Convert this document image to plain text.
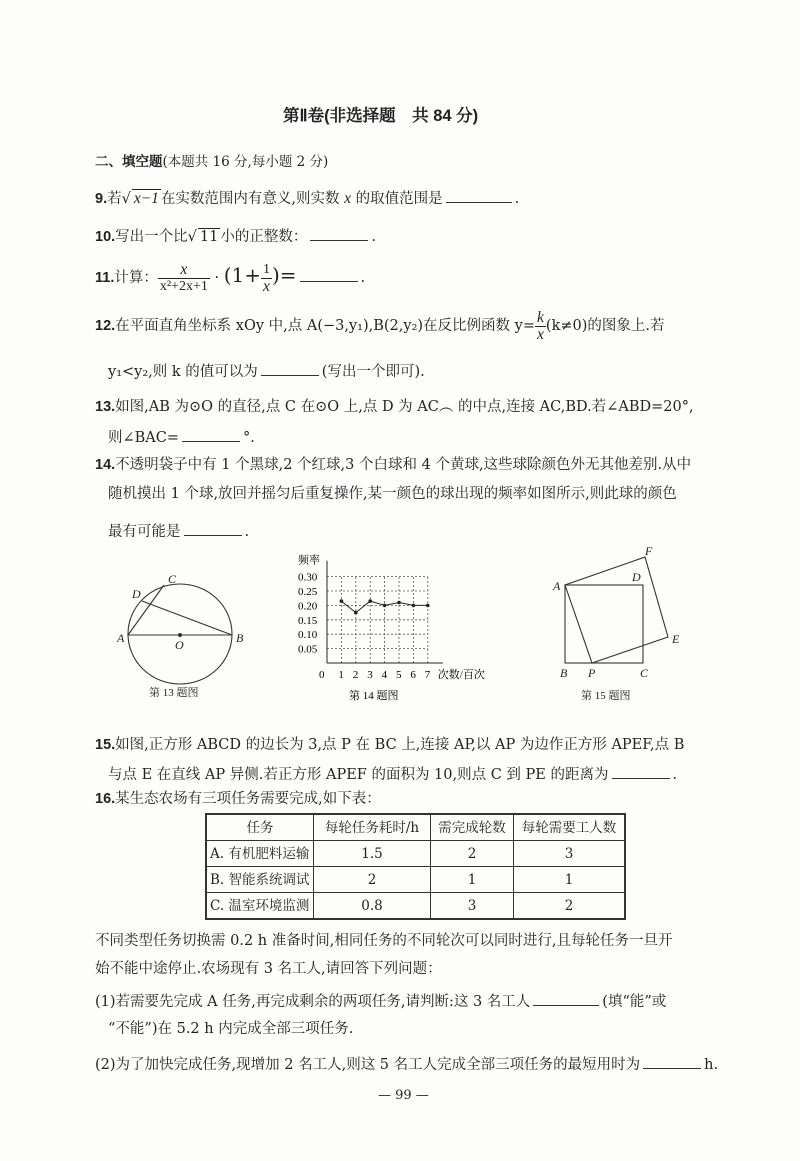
第Ⅱ卷(非选择题　共 84 分)
二、填空题(本题共 16 分,每小题 2 分)
9.若√ x−1 在实数范围内有意义,则实数 x 的取值范围是	.
10.写出一个比√ 11 小的正整数：	.
11.计算： $\frac{x}{\text{x²+2x+1}} \cdot (1+ \frac{1}{x}$ )=	.
12.在平面直角坐标系 xOy 中,点 A(−3,y₁),B(2,y₂)在反比例函数 $y= \frac{k}{x} (k\ne 0)$的图象上.若
y₁<y₂,则 k 的值可以为	(写出一个即可).
13.如图,AB 为⊙O 的直径,点 C 在⊙O 上,点 D 为 AC︵ 的中点,连接 AC,BD.若∠ABD=20°,
则∠BAC=	°.
14.不透明袋子中有 1 个黑球,2 个红球,3 个白球和 4 个黄球,这些球除颜色外无其他差别.从中
随机摸出 1 个球,放回并摇匀后重复操作,某一颜色的球出现的频率如图所示,则此球的颜色
最有可能是	.
A	B
C
D
O
第 13 题图
0.05
0.10
0.15
0.20
0.25
0.30
0 1 2 3 4 5 6 7 次数/百次
频率
第 14 题图
A
B	C
D
E
F
P
第 15 题图
15.如图,正方形 ABCD 的边长为 3,点 P 在 BC 上,连接 AP,以 AP 为边作正方形 APEF,点 B
与点 E 在直线 AP 异侧.若正方形 APEF 的面积为 10,则点 C 到 PE 的距离为	.
16.某生态农场有三项任务需要完成,如下表：
任务	每轮任务耗时/h	需完成轮数	每轮需要工人数
A. 有机肥料运输	1.5	2	3
B. 智能系统调试	2	1	1
C. 温室环境监测	0.8	3	2
不同类型任务切换需 0.2 h 准备时间,相同任务的不同轮次可以同时进行,且每轮任务一旦开
始不能中途停止.农场现有 3 名工人,请回答下列问题：
(1)若需要先完成 A 任务,再完成剩余的两项任务,请判断:这 3 名工人	(填“能”或
“不能”)在 5.2 h 内完成全部三项任务.
(2)为了加快完成任务,现增加 2 名工人,则这 5 名工人完成全部三项任务的最短用时为	h.
— 99 —
